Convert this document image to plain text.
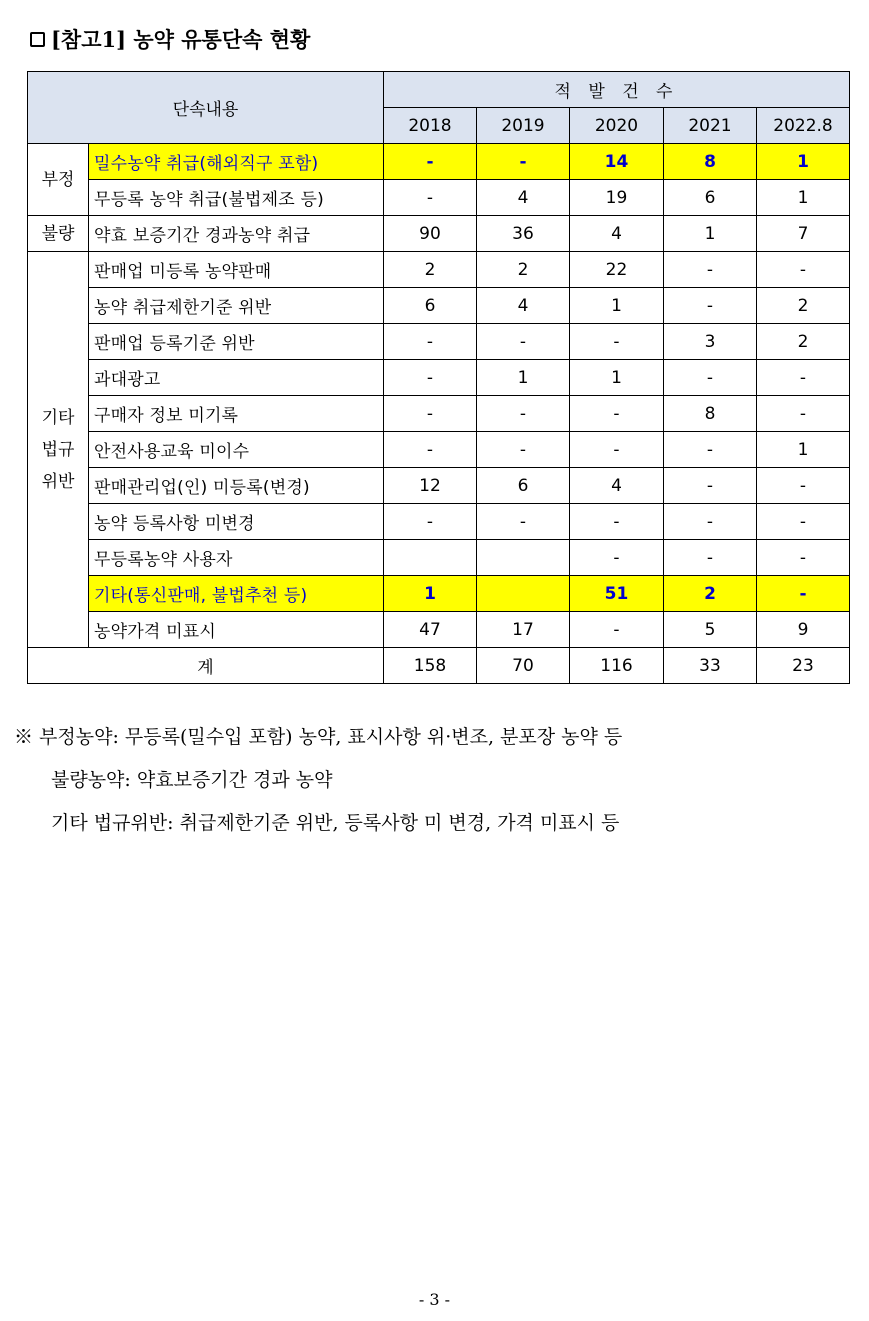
[참고1] 농약 유통단속 현황
단속내용		적 발 건 수				
		2018	2019	2020	2021	2022.8

부정	밀수농약 취급(해외직구 포함)	-	-	14	8	1
	무등록 농약 취급(불법제조 등)	-	4	19	6	1

불량	약효 보증기간 경과농약 취급	90	36	4	1	7

기타
법규
위반	판매업 미등록 농약판매	2	2	22	-	-
	농약 취급제한기준 위반	6	4	1	-	2
	판매업 등록기준 위반	-	-	-	3	2
	과대광고	-	1	1	-	-
	구매자 정보 미기록	-	-	-	8	-
	안전사용교육 미이수	-	-	-	-	1
	판매관리업(인) 미등록(변경)	12	6	4	-	-
	농약 등록사항 미변경	-	-	-	-	-
	무등록농약 사용자			-	-	-
	기타(통신판매, 불법추천 등)	1		51	2	-
	농약가격 미표시	47	17	-	5	9
계		158	70	116	33	23
※ 부정농약: 무등록(밀수입 포함) 농약, 표시사항 위·변조, 분포장 농약 등
불량농약: 약효보증기간 경과 농약
기타 법규위반: 취급제한기준 위반, 등록사항 미 변경, 가격 미표시 등
- 3 -
